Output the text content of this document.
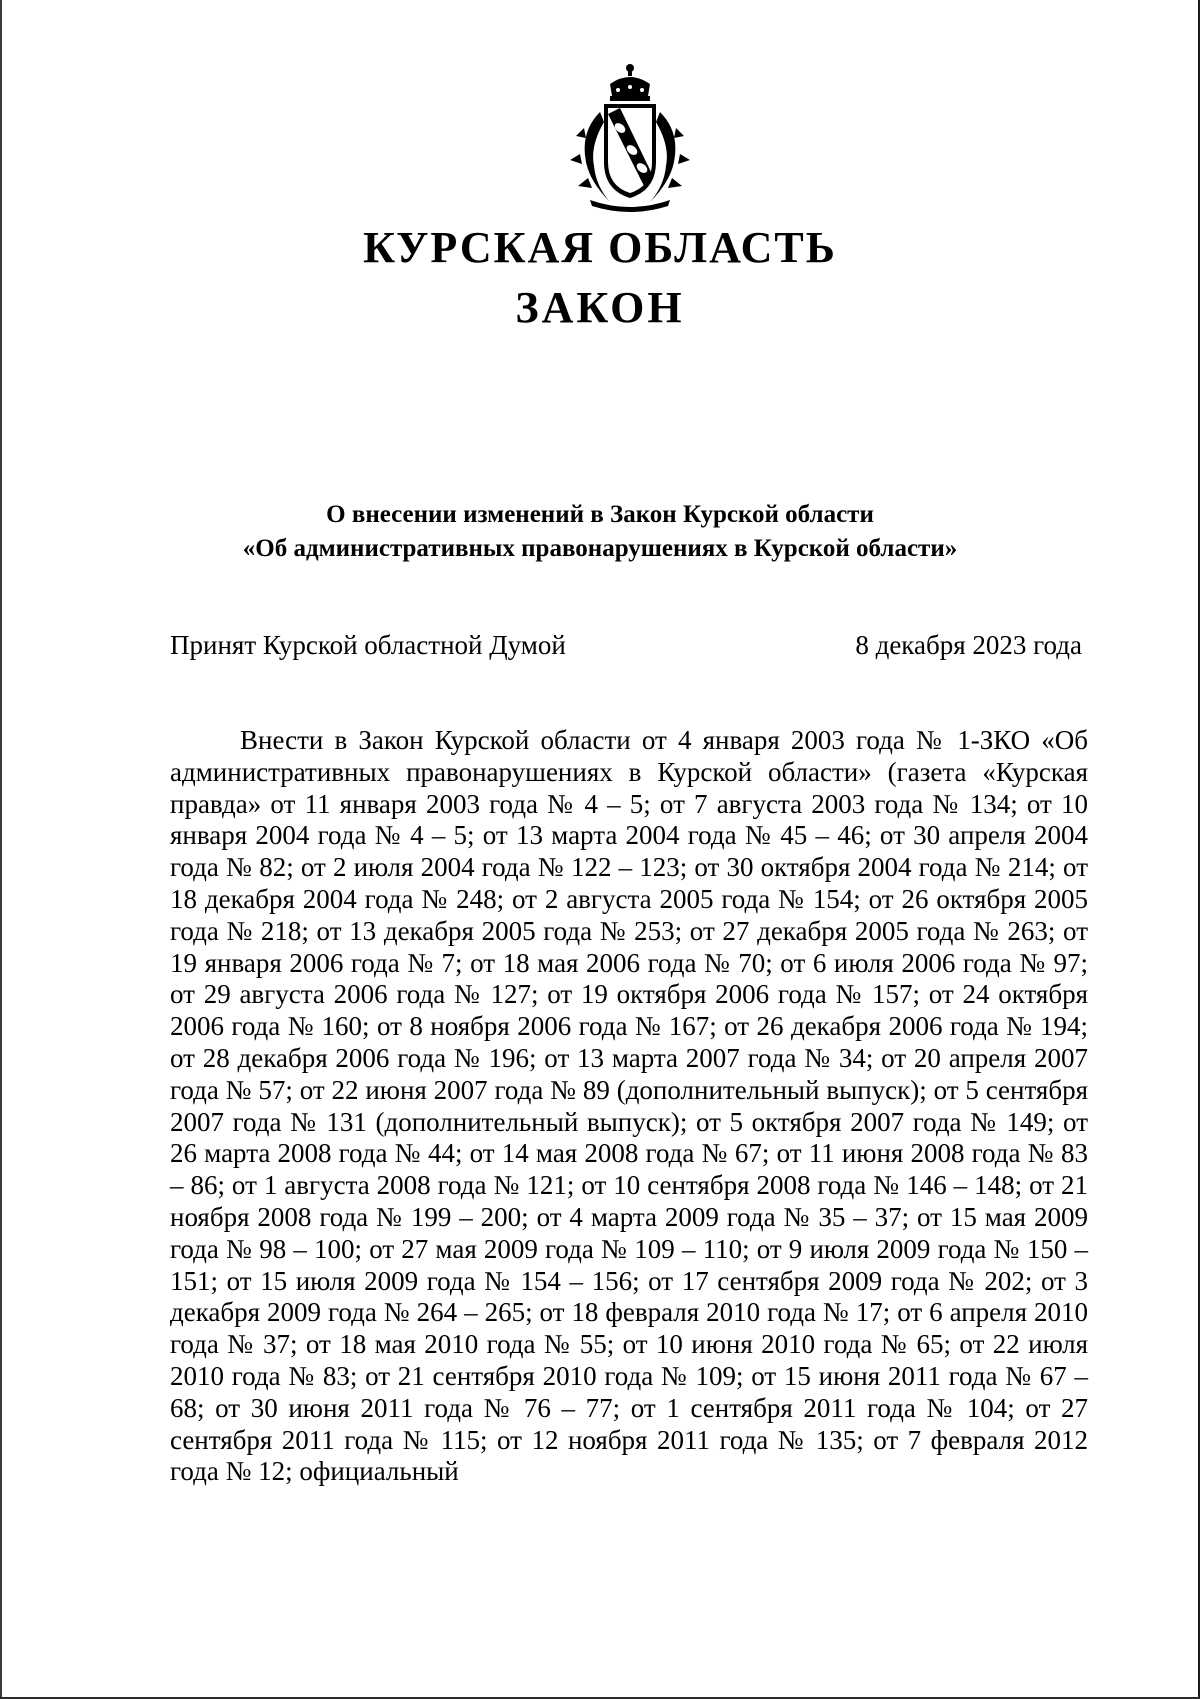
КУРСКАЯ ОБЛАСТЬ
ЗАКОН
О внесении изменений в Закон Курской области
«Об административных правонарушениях в Курской области»
Принят Курской областной Думой	8 декабря 2023 года

Внести в Закон Курской области от 4 января 2003 года № 1-ЗКО «Об административных правонарушениях в Курской области» (газета «Курская правда» от 11 января 2003 года № 4 – 5; от 7 августа 2003 года № 134; от 10 января 2004 года № 4 – 5; от 13 марта 2004 года № 45 – 46; от 30 апреля 2004 года № 82; от 2 июля 2004 года № 122 – 123; от 30 октября 2004 года № 214; от 18 декабря 2004 года № 248; от 2 августа 2005 года № 154; от 26 октября 2005 года № 218; от 13 декабря 2005 года № 253; от 27 декабря 2005 года № 263; от 19 января 2006 года № 7; от 18 мая 2006 года № 70; от 6 июля 2006 года № 97; от 29 августа 2006 года № 127; от 19 октября 2006 года № 157; от 24 октября 2006 года № 160; от 8 ноября 2006 года № 167; от 26 декабря 2006 года № 194; от 28 декабря 2006 года № 196; от 13 марта 2007 года № 34; от 20 апреля 2007 года № 57; от 22 июня 2007 года № 89 (дополнительный выпуск); от 5 сентября 2007 года № 131 (дополнительный выпуск); от 5 октября 2007 года № 149; от 26 марта 2008 года № 44; от 14 мая 2008 года № 67; от 11 июня 2008 года № 83 – 86; от 1 августа 2008 года № 121; от 10 сентября 2008 года № 146 – 148; от 21 ноября 2008 года № 199 – 200; от 4 марта 2009 года № 35 – 37; от 15 мая 2009 года № 98 – 100; от 27 мая 2009 года № 109 – 110; от 9 июля 2009 года № 150 – 151; от 15 июля 2009 года № 154 – 156; от 17 сентября 2009 года № 202; от 3 декабря 2009 года № 264 – 265; от 18 февраля 2010 года № 17; от 6 апреля 2010 года № 37; от 18 мая 2010 года № 55; от 10 июня 2010 года № 65; от 22 июля 2010 года № 83; от 21 сентября 2010 года № 109; от 15 июня 2011 года № 67 – 68; от 30 июня 2011 года № 76 – 77; от 1 сентября 2011 года № 104; от 27 сентября 2011 года № 115; от 12 ноября 2011 года № 135; от 7 февраля 2012 года № 12; официальный
